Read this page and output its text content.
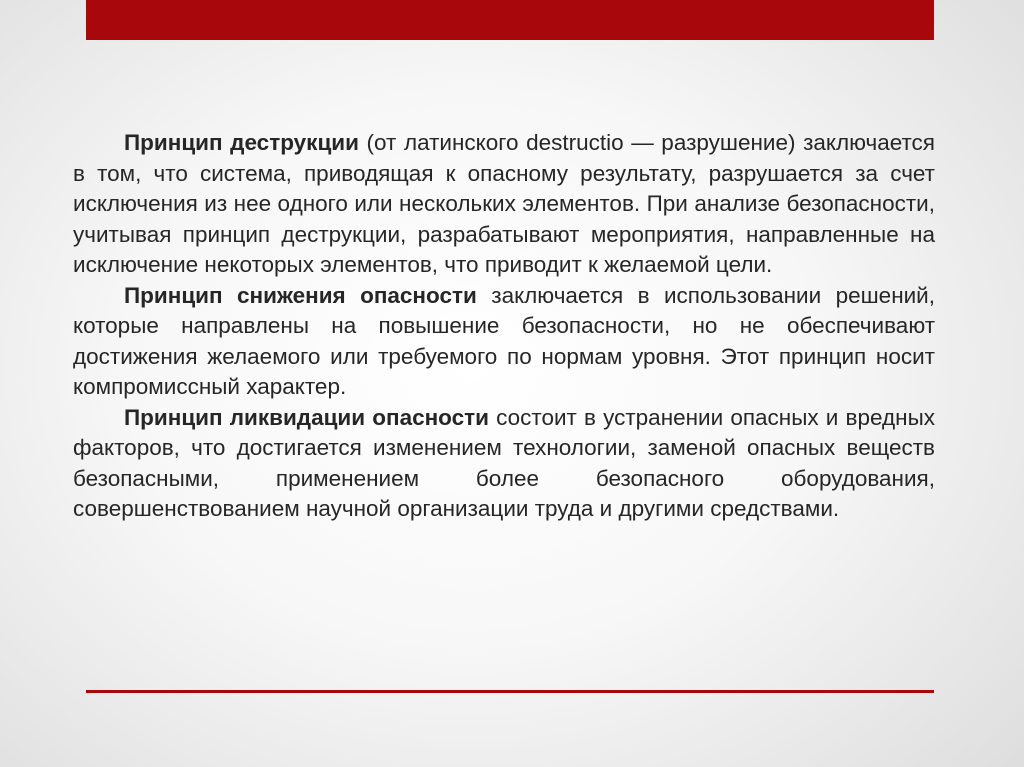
Принцип деструкции (от латинского destructio — разрушение) заключается в том, что система, приводящая к опасному результату, разрушается за счет исключения из нее одного или нескольких элементов. При анализе безопасности, учитывая принцип деструкции, разрабатывают мероприятия, направленные на исключение некоторых элементов, что приводит к желаемой цели.

Принцип снижения опасности заключается в использовании решений, которые направлены на повышение безопасности, но не обеспечивают достижения желаемого или требуемого по нормам уровня. Этот принцип носит компромиссный характер.

Принцип ликвидации опасности состоит в устранении опасных и вредных факторов, что достигается изменением технологии, заменой опасных веществ безопасными, применением более безопасного оборудования, совершенствованием научной организации труда и другими средствами.
